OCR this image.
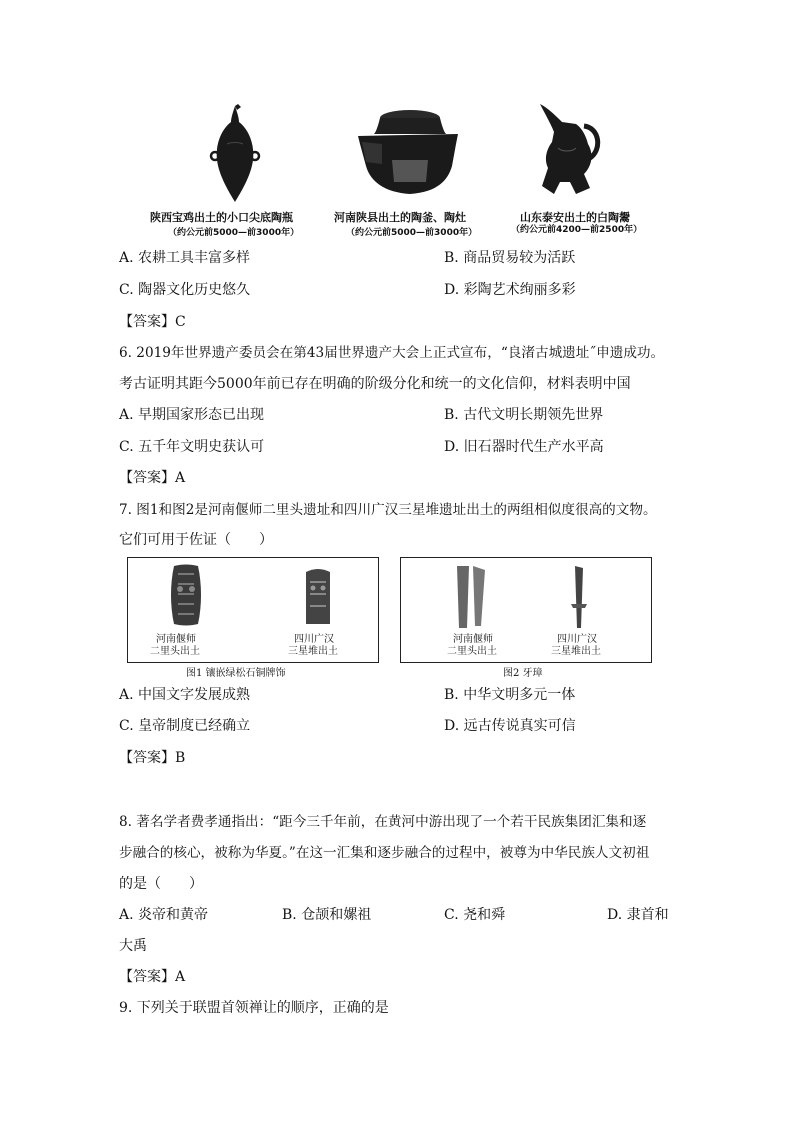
陕西宝鸡出土的小口尖底陶瓶
（约公元前5000—前3000年）
河南陕县出土的陶釜、陶灶
（约公元前5000—前3000年）
山东泰安出土的白陶鬶
（约公元前4200—前2500年）
A. 农耕工具丰富多样	B. 商品贸易较为活跃
C. 陶器文化历史悠久	D. 彩陶艺术绚丽多彩
【答案】C
6. 2019年世界遗产委员会在第43届世界遗产大会上正式宣布，“良渚古城遗址˝申遗成功。
考古证明其距今5000年前已存在明确的阶级分化和统一的文化信仰，材料表明中国
A. 早期国家形态已出现	B. 古代文明长期领先世界
C. 五千年文明史获认可	D. 旧石器时代生产水平高
【答案】A
7. 图1和图2是河南偃师二里头遗址和四川广汉三星堆遗址出土的两组相似度很高的文物。
它们可用于佐证（　　）
河南偃师
二里头出土
四川广汉
三星堆出土
图1 镶嵌绿松石铜牌饰
河南偃师
二里头出土
四川广汉
三星堆出土
图2 牙璋
A. 中国文字发展成熟	B. 中华文明多元一体
C. 皇帝制度已经确立	D. 远古传说真实可信
【答案】B
8. 著名学者费孝通指出：“距今三千年前，在黄河中游出现了一个若干民族集团汇集和逐
步融合的核心，被称为华夏。”在这一汇集和逐步融合的过程中，被尊为中华民族人文初祖
的是（　　）
A. 炎帝和黄帝	B. 仓颉和嫘祖	C. 尧和舜	D. 隶首和
大禹
【答案】A
9. 下列关于联盟首领禅让的顺序，正确的是
